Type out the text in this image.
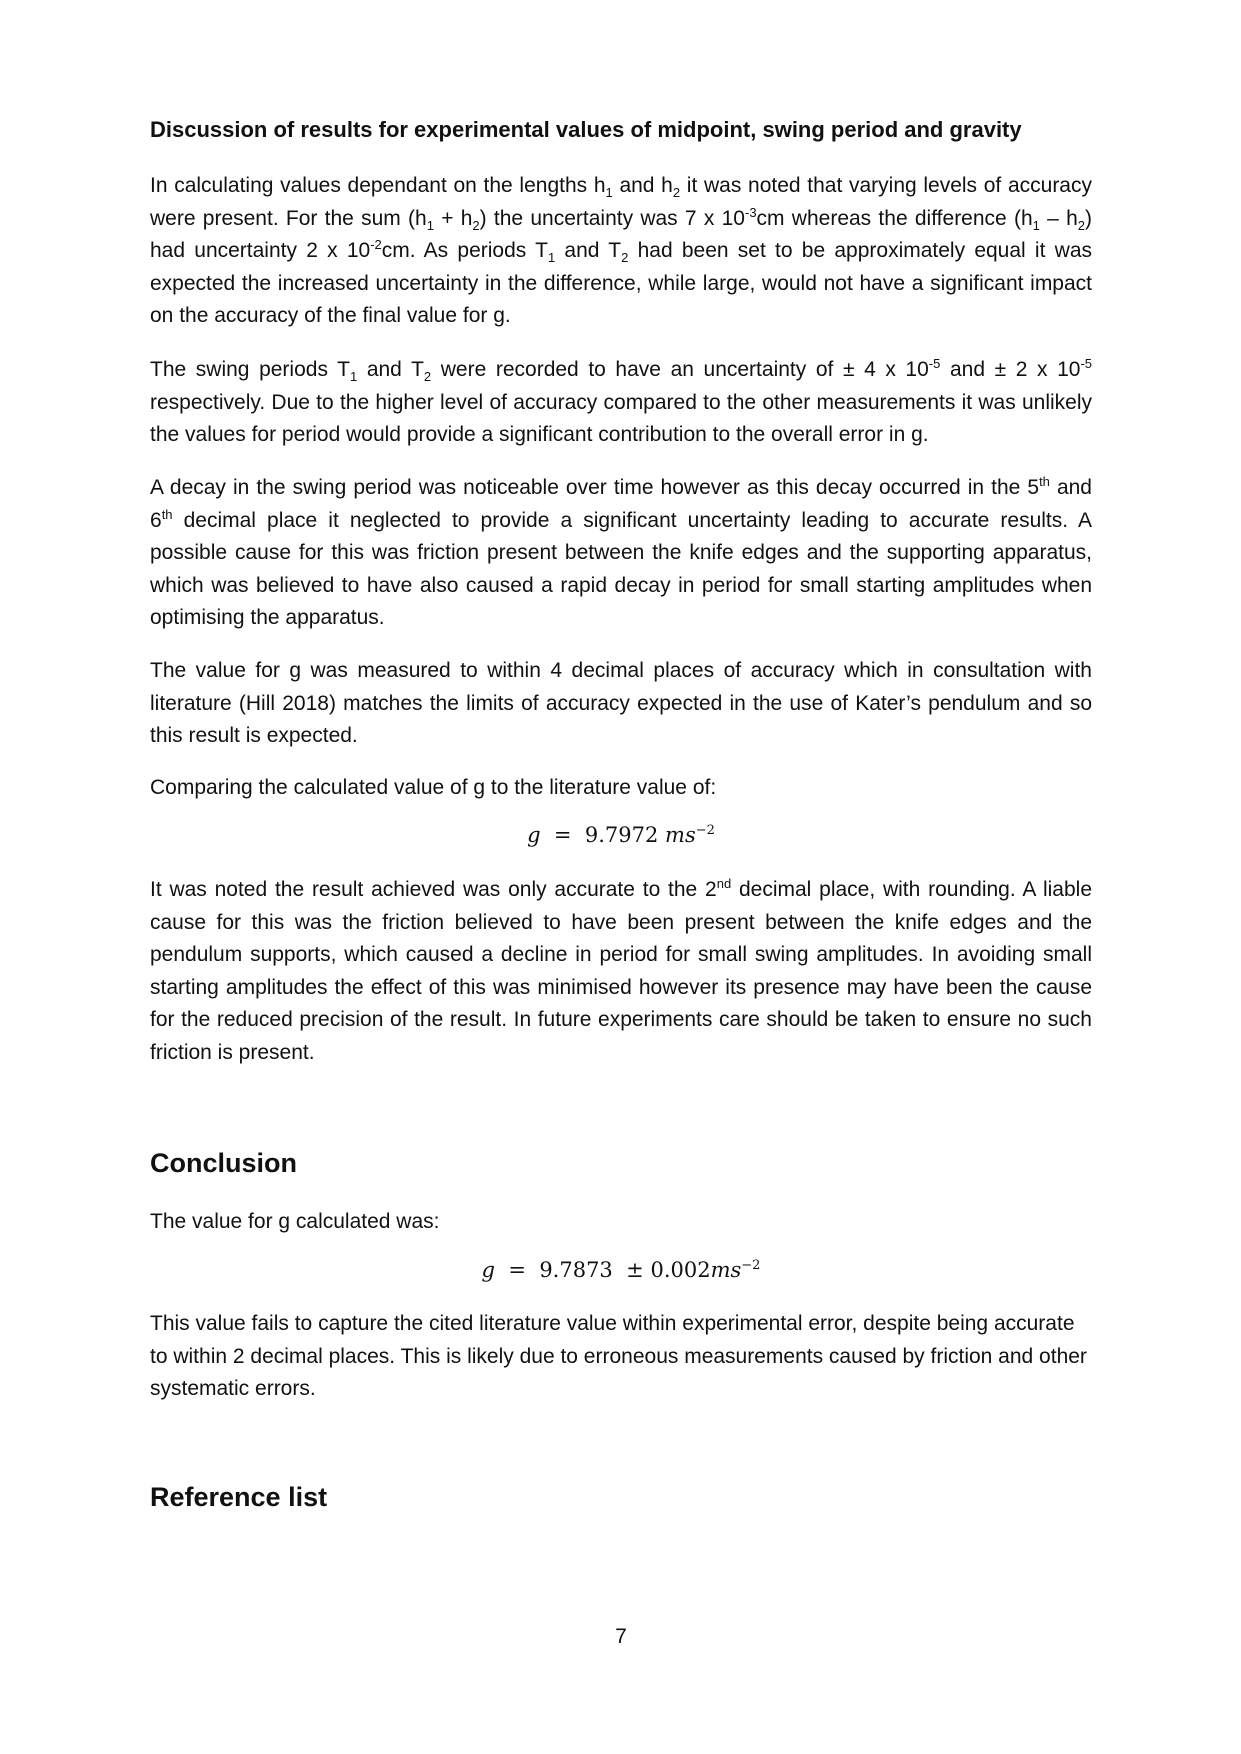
Discussion of results for experimental values of midpoint, swing period and gravity

In calculating values dependant on the lengths $h_1$ and $h_2$ it was noted that varying levels of accuracy were present. For the sum $(h_1 + h_2)$ the uncertainty was 7 x $10^{-3}cm$ whereas the difference $(h_1 - h_2)$ had uncertainty 2 x $10^{-2}cm$. As periods $T_1$ and $T_2$ had been set to be approximately equal it was expected the increased uncertainty in the difference, while large, would not have a significant impact on the accuracy of the final value for g.

The swing periods $T_1$ and $T_2$ were recorded to have an uncertainty of ± 4 x $10^{-5}$ and ± 2 x $10^{-5}$ respectively. Due to the higher level of accuracy compared to the other measurements it was unlikely the values for period would provide a significant contribution to the overall error in g.

A decay in the swing period was noticeable over time however as this decay occurred in the 5th and 6th decimal place it neglected to provide a significant uncertainty leading to accurate results. A possible cause for this was friction present between the knife edges and the supporting apparatus, which was believed to have also caused a rapid decay in period for small starting amplitudes when optimising the apparatus.

The value for g was measured to within 4 decimal places of accuracy which in consultation with literature (Hill 2018) matches the limits of accuracy expected in the use of Kater’s pendulum and so this result is expected.

Comparing the calculated value of g to the literature value of:

g = 9.7972 $ms^{-2}$

It was noted the result achieved was only accurate to the 2nd decimal place, with rounding. A liable cause for this was the friction believed to have been present between the knife edges and the pendulum supports, which caused a decline in period for small swing amplitudes. In avoiding small starting amplitudes the effect of this was minimised however its presence may have been the cause for the reduced precision of the result. In future experiments care should be taken to ensure no such friction is present.

Conclusion

The value for g calculated was:

$g = 9.7873 \pm 0.002ms^{-2}$

This value fails to capture the cited literature value within experimental error, despite being accurate to within 2 decimal places. This is likely due to erroneous measurements caused by friction and other systematic errors.

Reference list
7
